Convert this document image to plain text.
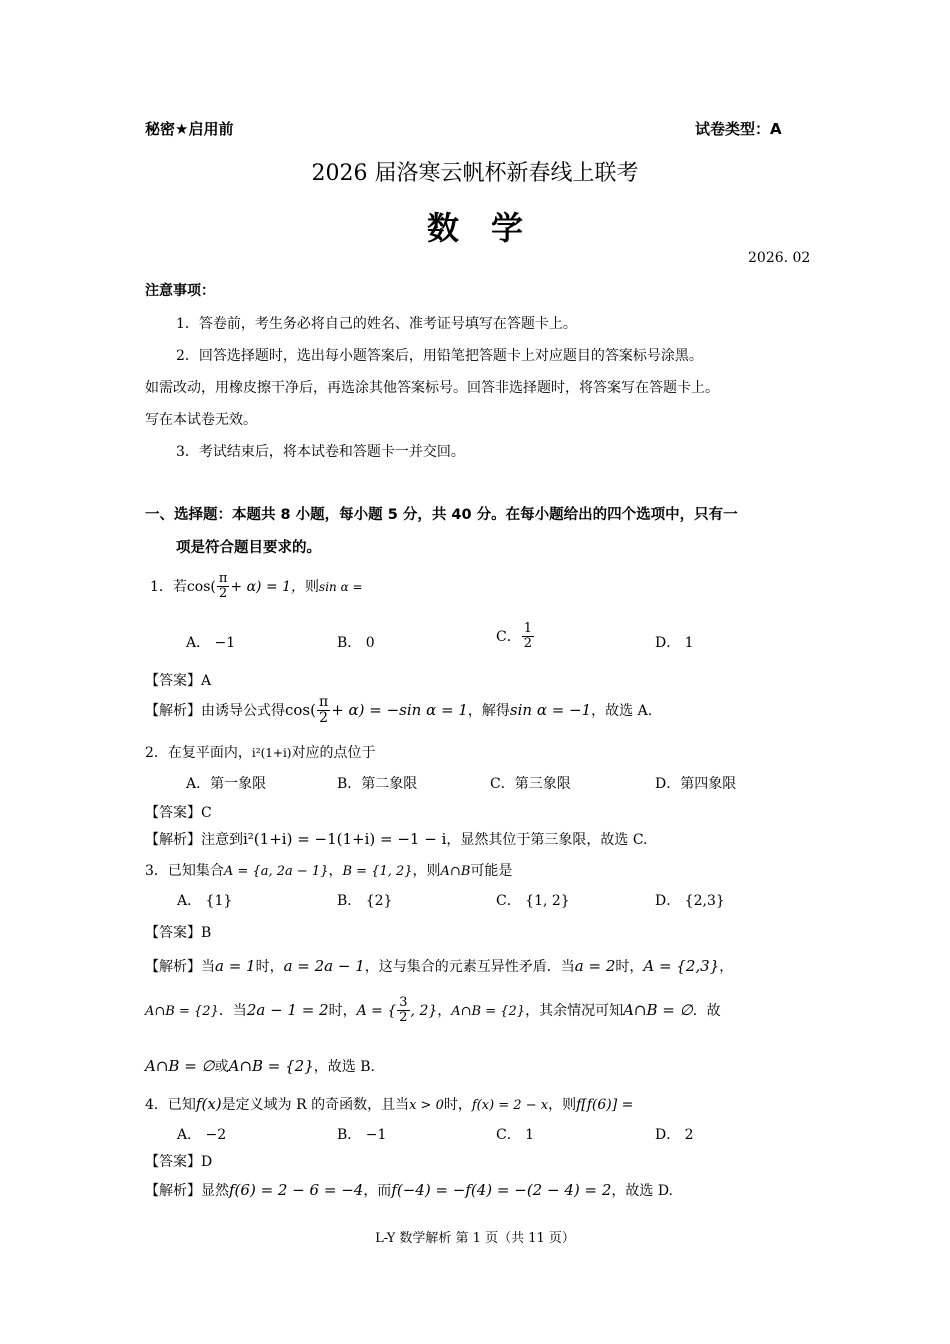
秘密★启用前	试卷类型：A
2026 届洛寒云帆杯新春线上联考
数学
2026. 02
注意事项：
1．答卷前，考生务必将自己的姓名、准考证号填写在答题卡上。
2．回答选择题时，选出每小题答案后，用铅笔把答题卡上对应题目的答案标号涂黑。
如需改动，用橡皮擦干净后，再选涂其他答案标号。回答非选择题时，将答案写在答题卡上。
写在本试卷无效。
3．考试结束后，将本试卷和答题卡一并交回。
一、选择题：本题共 8 小题，每小题 5 分，共 40 分。在每小题给出的四个选项中，只有一
项是符合题目要求的。
1．若$\cos( \frac{\pi}{2} + \alpha) = 1$，则sin α =
A． −1	B． 0	C． $\frac{1}{2}$	D． 1
【答案】A
【解析】由诱导公式得$\cos( \frac{\pi}{2} + \alpha) = -\sin$ α = 1，解得sin α = −1，故选 A.
2．在复平面内，i²(1+i)对应的点位于
A．第一象限	B．第二象限	C．第三象限	D．第四象限
【答案】C
【解析】注意到i²(1+i) = −1(1+i) = −1 − i，显然其位于第三象限，故选 C.
3．已知集合A = {a, 2a − 1}，B = {1, 2}，则A∩B可能是
A． {1}	B． {2}	C． {1, 2}	D． {2,3}
【答案】B
【解析】当a = 1时，a = 2a − 1，这与集合的元素互异性矛盾．当a = 2时，A = {2,3}，
A∩B = {2}．当2a − 1 = 2时，A = { $\frac{3}{2}$ , 2}，A∩B = {2}，其余情况可知A∩B = ∅．故
A∩B = ∅或A∩B = {2}，故选 B.
4．已知f(x)是定义域为 R 的奇函数，且当x > 0时，f(x) = 2 − x，则f[f(6)] =
A． −2	B． −1	C． 1	D． 2
【答案】D
【解析】显然f(6) = 2 − 6 = −4，而f(−4) = −f(4) = −(2 − 4) = 2，故选 D.
L-Y 数学解析 第 1 页（共 11 页）
